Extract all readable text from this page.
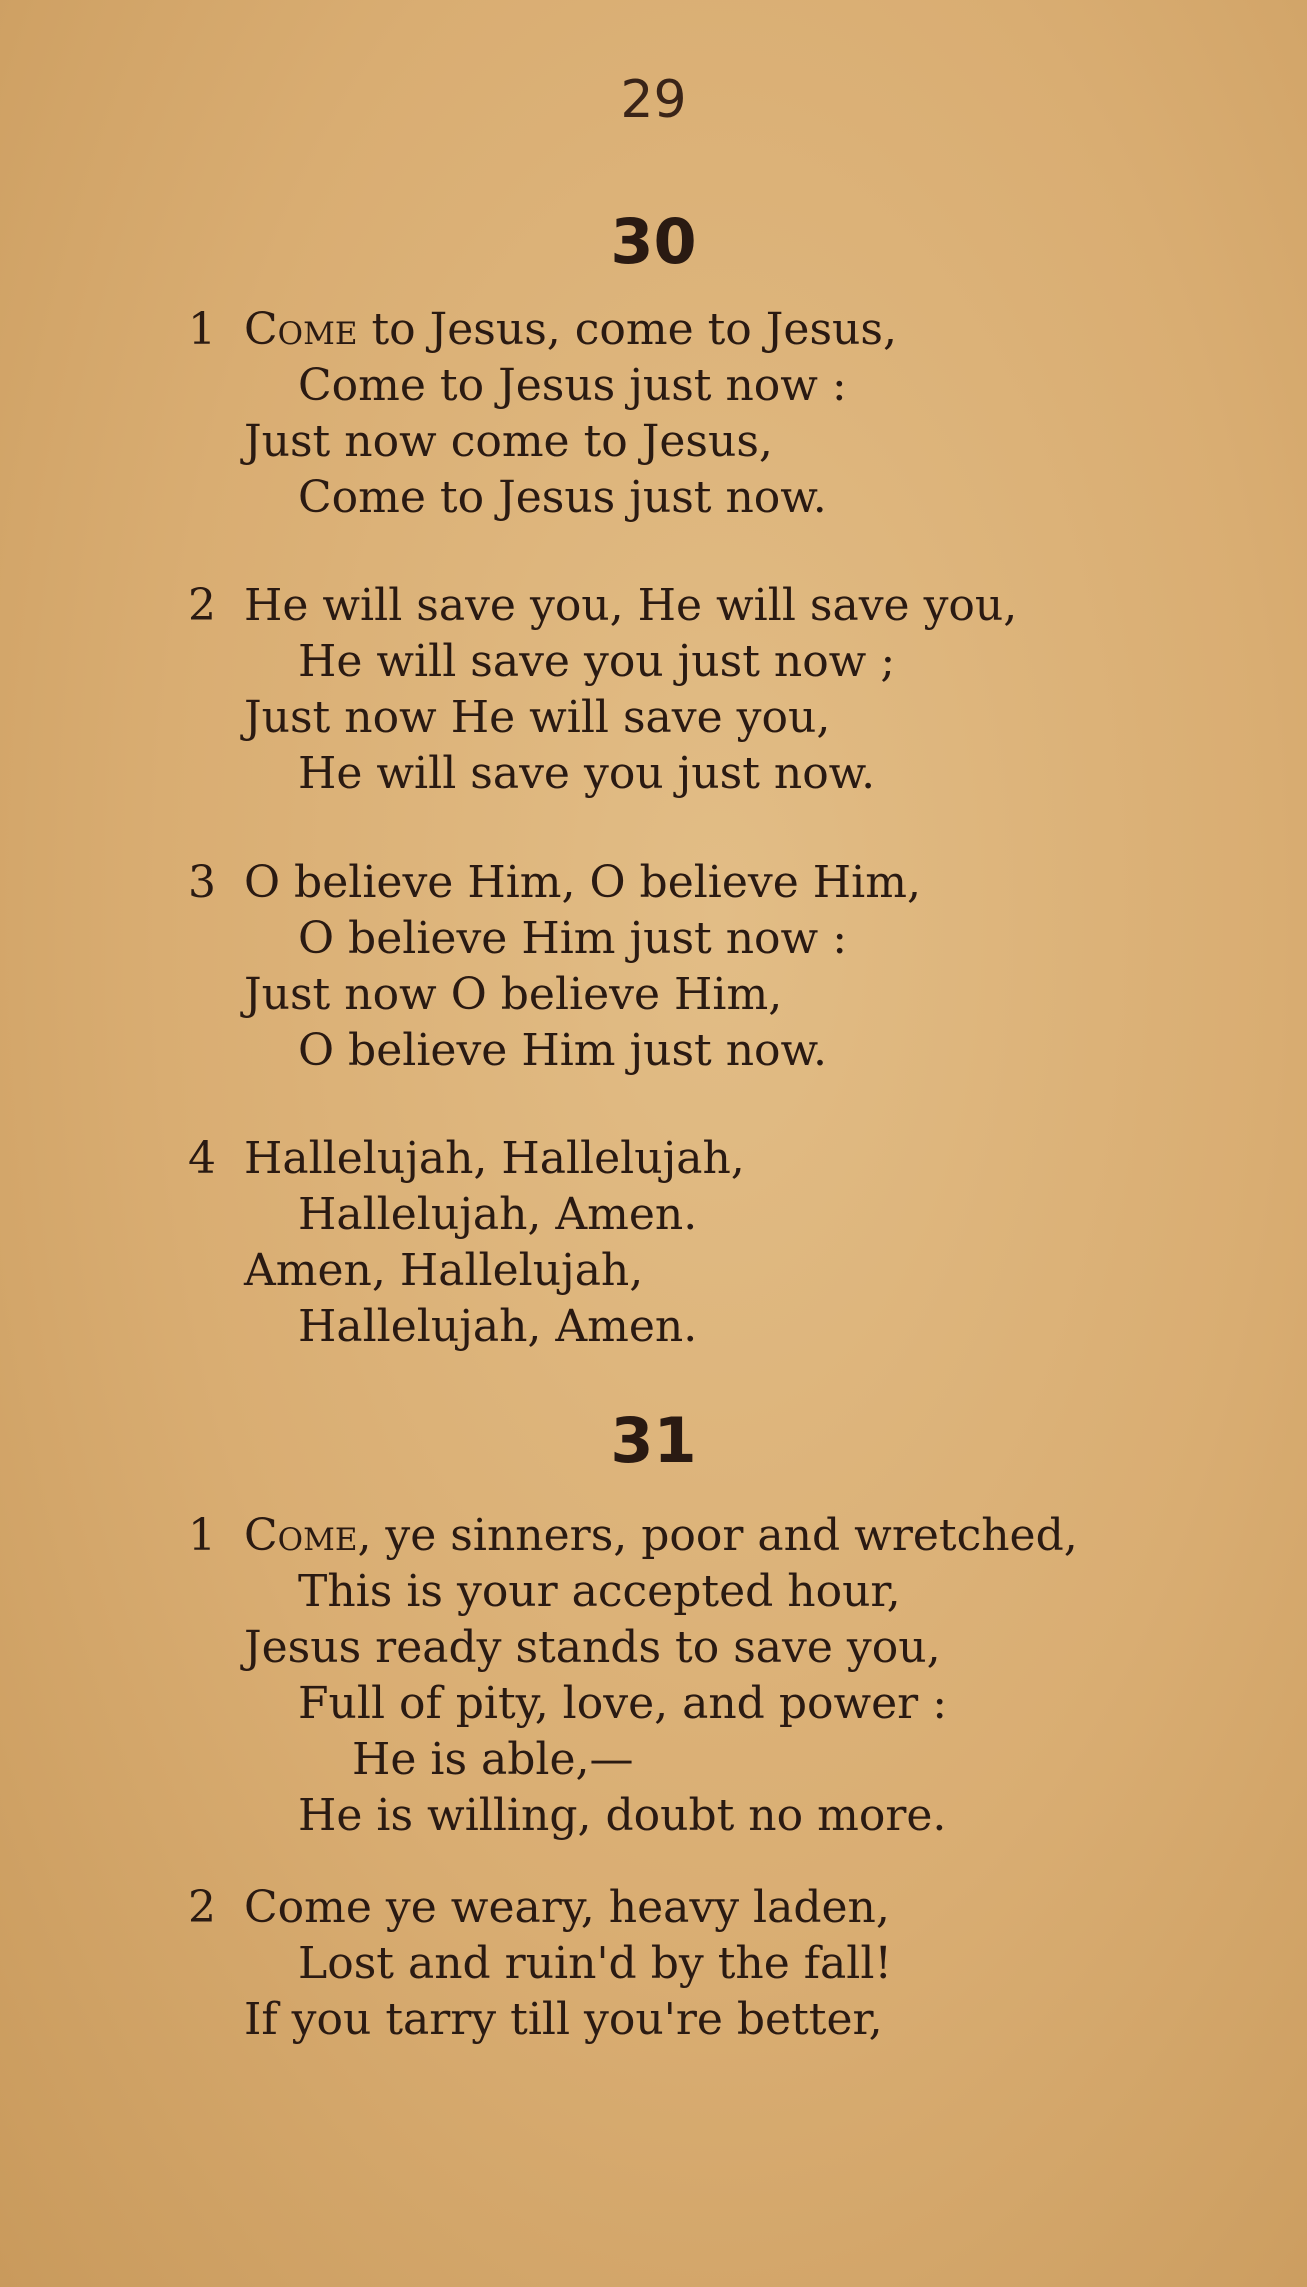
29
30
1 Come to Jesus, come to Jesus,
Come to Jesus just now :
Just now come to Jesus,
Come to Jesus just now.
2 He will save you, He will save you,
He will save you just now ;
Just now He will save you,
He will save you just now.
3 O believe Him, O believe Him,
O believe Him just now :
Just now O believe Him,
O believe Him just now.
4 Hallelujah, Hallelujah,
Hallelujah, Amen.
Amen, Hallelujah,
Hallelujah, Amen.
31
1 Come, ye sinners, poor and wretched,
This is your accepted hour,
Jesus ready stands to save you,
Full of pity, love, and power :
He is able,—
He is willing, doubt no more.
2 Come ye weary, heavy laden,
Lost and ruin'd by the fall!
If you tarry till you're better,
